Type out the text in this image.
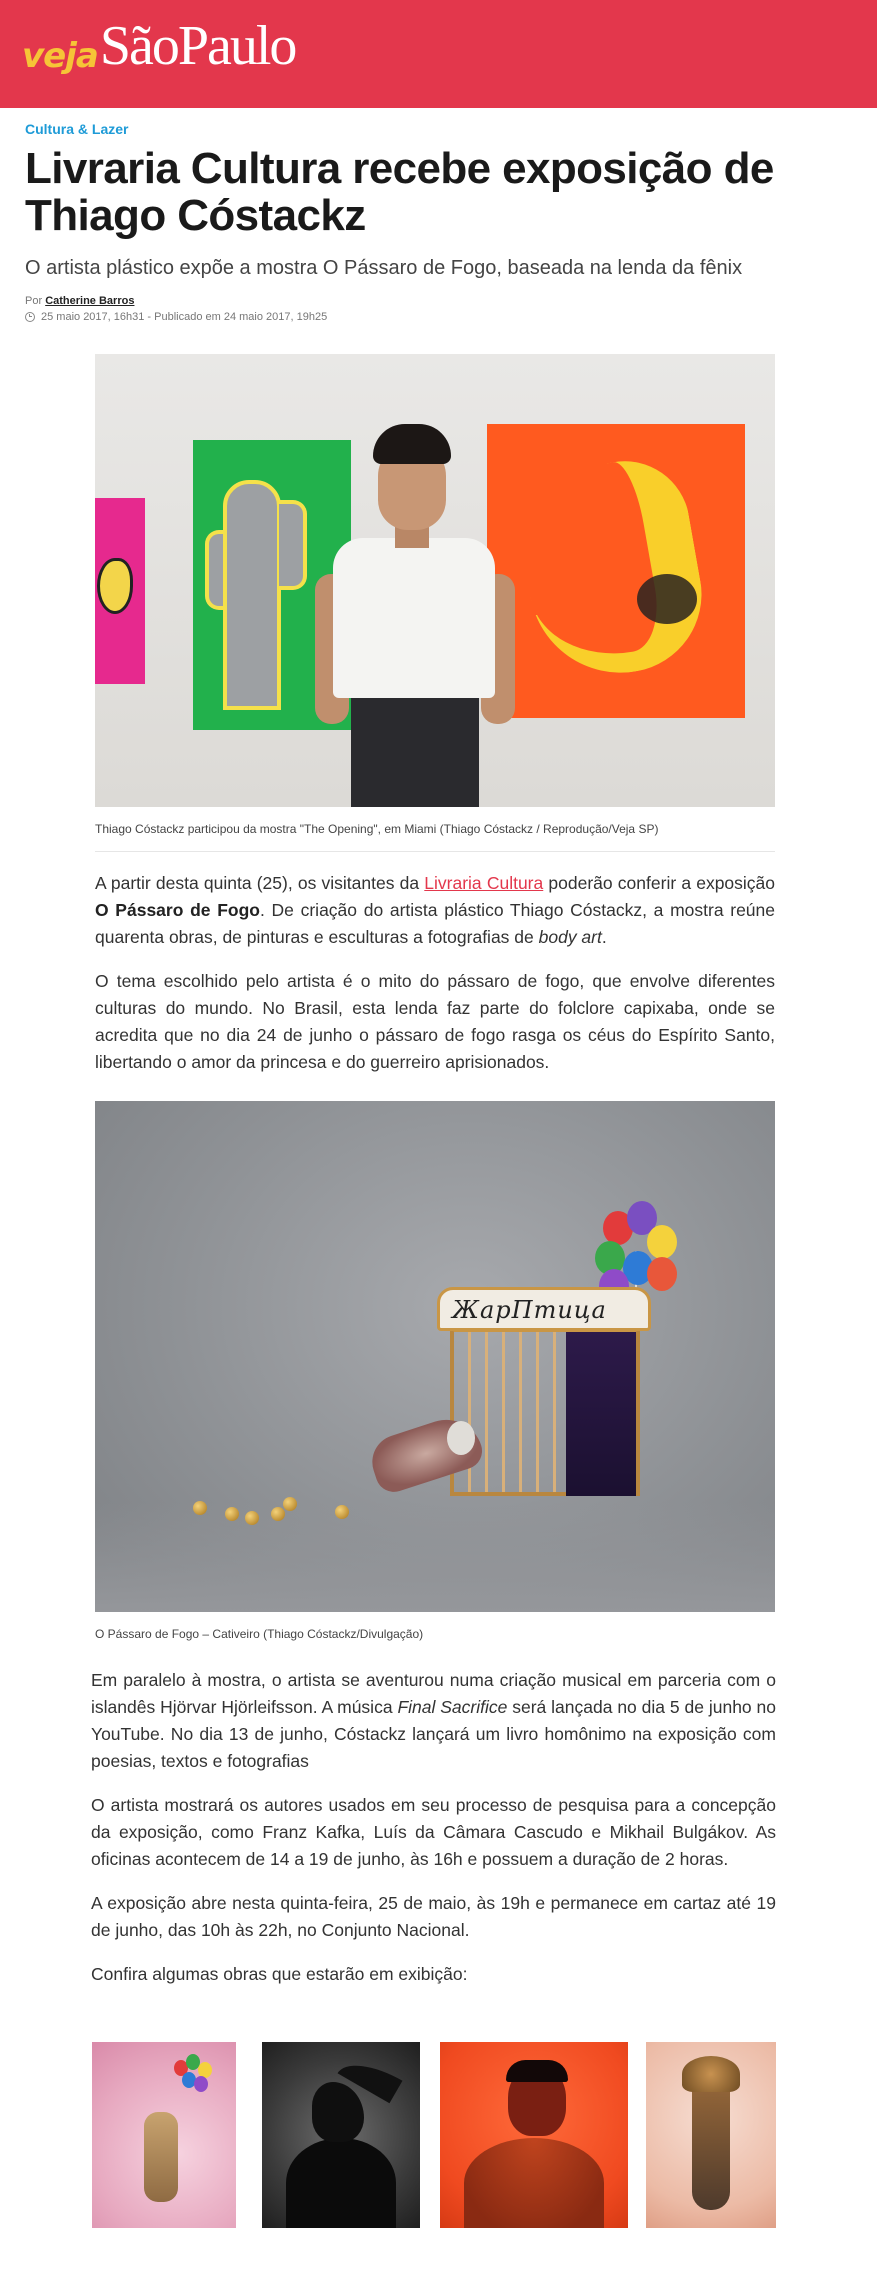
veja SãoPaulo
Cultura & Lazer
Livraria Cultura recebe exposição de Thiago Cóstackz

O artista plástico expõe a mostra O Pássaro de Fogo, baseada na lenda da fênix

Por Catherine Barros
25 maio 2017, 16h31 - Publicado em 24 maio 2017, 19h25
Thiago Cóstackz participou da mostra "The Opening", em Miami (Thiago Cóstackz / Reprodução/Veja SP)

A partir desta quinta (25), os visitantes da Livraria Cultura poderão conferir a exposição O Pássaro de Fogo. De criação do artista plástico Thiago Cóstackz, a mostra reúne quarenta obras, de pinturas e esculturas a fotografias de body art.

O tema escolhido pelo artista é o mito do pássaro de fogo, que envolve diferentes culturas do mundo. No Brasil, esta lenda faz parte do folclore capixaba, onde se acredita que no dia 24 de junho o pássaro de fogo rasga os céus do Espírito Santo, libertando o amor da princesa e do guerreiro aprisionados.

ЖарПтица
O Pássaro de Fogo – Cativeiro (Thiago Cóstackz/Divulgação)

Em paralelo à mostra, o artista se aventurou numa criação musical em parceria com o islandês Hjörvar Hjörleifsson. A música Final Sacrifice será lançada no dia 5 de junho no YouTube. No dia 13 de junho, Cóstackz lançará um livro homônimo na exposição com poesias, textos e fotografias

O artista mostrará os autores usados em seu processo de pesquisa para a concepção da exposição, como Franz Kafka, Luís da Câmara Cascudo e Mikhail Bulgákov. As oficinas acontecem de 14 a 19 de junho, às 16h e possuem a duração de 2 horas.

A exposição abre nesta quinta-feira, 25 de maio, às 19h e permanece em cartaz até 19 de junho, das 10h às 22h, no Conjunto Nacional.

Confira algumas obras que estarão em exibição:
